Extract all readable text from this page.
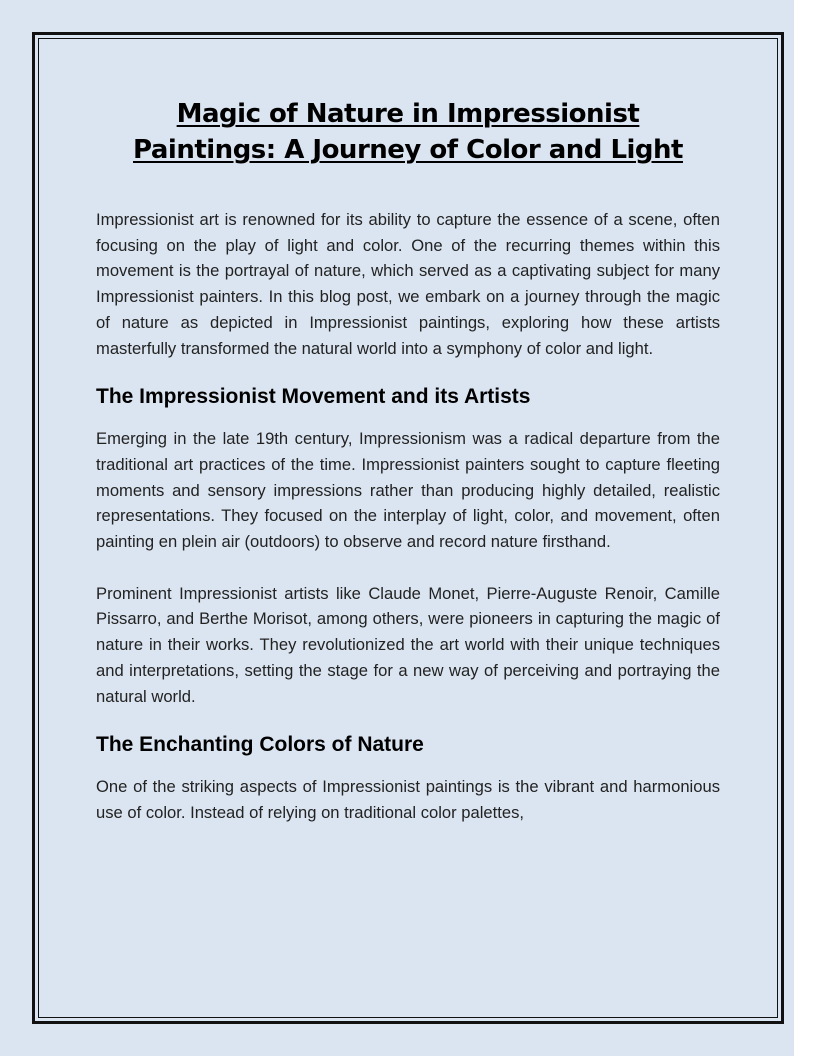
Magic of Nature in Impressionist
Paintings: A Journey of Color and Light

Impressionist art is renowned for its ability to capture the essence of a scene, often focusing on the play of light and color. One of the recurring themes within this movement is the portrayal of nature, which served as a captivating subject for many Impressionist painters. In this blog post, we embark on a journey through the magic of nature as depicted in Impressionist paintings, exploring how these artists masterfully transformed the natural world into a symphony of color and light.

The Impressionist Movement and its Artists

Emerging in the late 19th century, Impressionism was a radical departure from the traditional art practices of the time. Impressionist painters sought to capture fleeting moments and sensory impressions rather than producing highly detailed, realistic representations. They focused on the interplay of light, color, and movement, often painting en plein air (outdoors) to observe and record nature firsthand.

Prominent Impressionist artists like Claude Monet, Pierre-Auguste Renoir, Camille Pissarro, and Berthe Morisot, among others, were pioneers in capturing the magic of nature in their works. They revolutionized the art world with their unique techniques and interpretations, setting the stage for a new way of perceiving and portraying the natural world.

The Enchanting Colors of Nature

One of the striking aspects of Impressionist paintings is the vibrant and harmonious use of color. Instead of relying on traditional color palettes,
